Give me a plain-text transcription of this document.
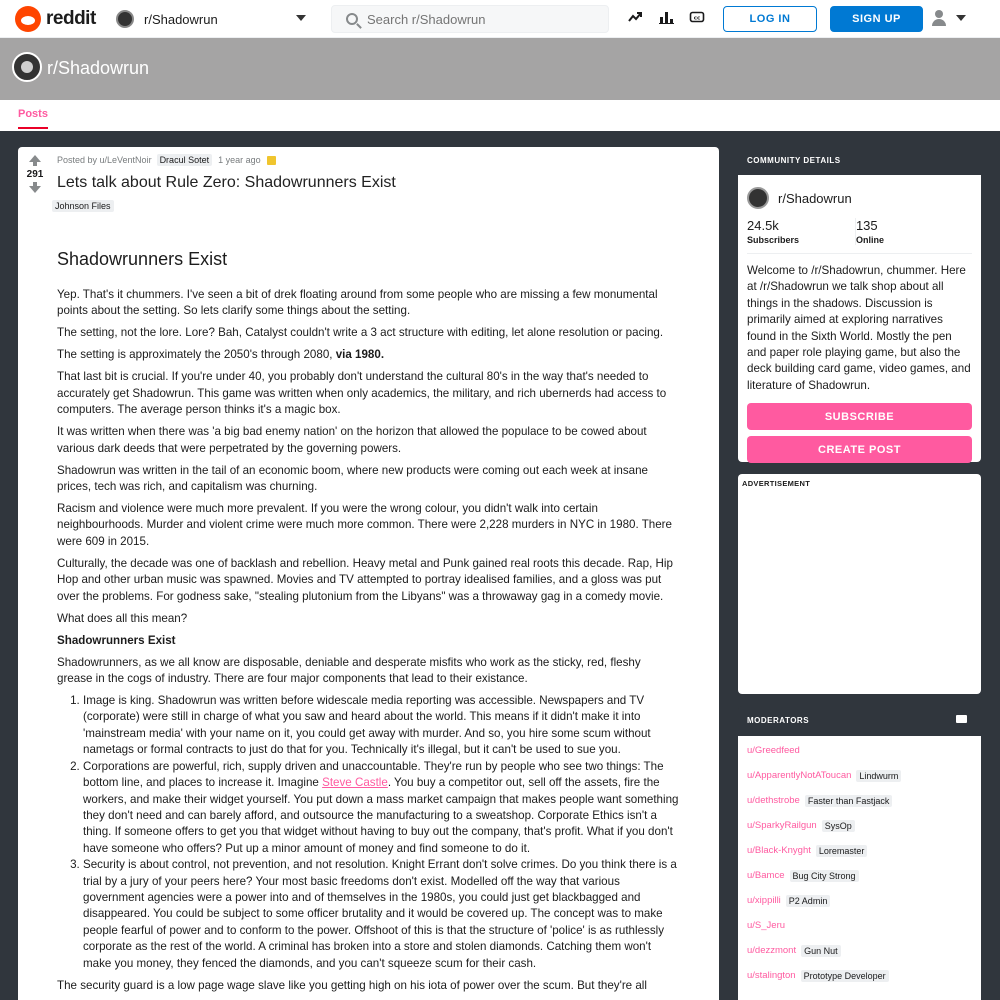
reddit	r/Shadowrun
Search r/Shadowrun	cc	LOG IN	SIGN UP
r/Shadowrun
Posts
291
Posted by u/LeVentNoir Dracul Sotet	1 year ago
Lets talk about Rule Zero: Shadowrunners Exist
Johnson Files
Shadowrunners Exist

Yep. That's it chummers. I've seen a bit of drek floating around from some people who are missing a few monumental points about the setting. So lets clarify some things about the setting.

The setting, not the lore. Lore? Bah, Catalyst couldn't write a 3 act structure with editing, let alone resolution or pacing.

The setting is approximately the 2050's through 2080, via 1980.

That last bit is crucial. If you're under 40, you probably don't understand the cultural 80's in the way that's needed to accurately get Shadowrun. This game was written when only academics, the military, and rich ubernerds had access to computers. The average person thinks it's a magic box.

It was written when there was 'a big bad enemy nation' on the horizon that allowed the populace to be cowed about various dark deeds that were perpetrated by the governing powers.

Shadowrun was written in the tail of an economic boom, where new products were coming out each week at insane prices, tech was rich, and capitalism was churning.

Racism and violence were much more prevalent. If you were the wrong colour, you didn't walk into certain neighbourhoods. Murder and violent crime were much more common. There were 2,228 murders in NYC in 1980. There were 609 in 2015.

Culturally, the decade was one of backlash and rebellion. Heavy metal and Punk gained real roots this decade. Rap, Hip Hop and other urban music was spawned. Movies and TV attempted to portray idealised families, and a gloss was put over the problems. For godness sake, "stealing plutonium from the Libyans" was a throwaway gag in a comedy movie.

What does all this mean?

Shadowrunners Exist

Shadowrunners, as we all know are disposable, deniable and desperate misfits who work as the sticky, red, fleshy grease in the cogs of industry. There are four major components that lead to their existance.

1. Image is king. Shadowrun was written before widescale media reporting was accessible. Newspapers and TV (corporate) were still in charge of what you saw and heard about the world. This means if it didn't make it into 'mainstream media' with your name on it, you could get away with murder. And so, you hire some scum without nametags or formal contracts to just do that for you. Technically it's illegal, but it can't be used to sue you.
2. Corporations are powerful, rich, supply driven and unaccountable. They're run by people who see two things: The bottom line, and places to increase it. Imagine Steve Castle. You buy a competitor out, sell off the assets, fire the workers, and make their widget yourself. You put down a mass market campaign that makes people want something they don't need and can barely afford, and outsource the manufacturing to a sweatshop. Corporate Ethics isn't a thing. If someone offers to get you that widget without having to buy out the company, that's profit. What if you don't have someone who offers? Put up a minor amount of money and find someone to do it.
3. Security is about control, not prevention, and not resolution. Knight Errant don't solve crimes. Do you think there is a trial by a jury of your peers here? Your most basic freedoms don't exist. Modelled off the way that various government agencies were a power into and of themselves in the 1980s, you could just get blackbagged and disappeared. You could be subject to some officer brutality and it would be covered up. The concept was to make people fearful of power and to conform to the power. Offshoot of this is that the structure of 'police' is as ruthlessly corporate as the rest of the world. A criminal has broken into a store and stolen diamonds. Catching them won't make you money, they fenced the diamonds, and you can't squeeze scum for their cash.

The security guard is a low page wage slave like you getting high on his iota of power over the scum. But they're all

COMMUNITY DETAILS
r/Shadowrun
24.5k
Subscribers
135
Online
Welcome to /r/Shadowrun, chummer. Here at /r/Shadowrun we talk shop about all things in the shadows. Discussion is primarily aimed at exploring narratives found in the Sixth World. Mostly the pen and paper role playing game, but also the deck building card game, video games, and literature of Shadowrun.
SUBSCRIBE
CREATE POST
ADVERTISEMENT
MODERATORS
u/Greedfeed
u/ApparentlyNotAToucan Lindwurm
u/dethstrobe Faster than Fastjack
u/SparkyRailgun SysOp
u/Black-Knyght Loremaster
u/Bamce Bug City Strong
u/xippilli P2 Admin
u/S_Jeru
u/dezzmont Gun Nut
u/stalington Prototype Developer
